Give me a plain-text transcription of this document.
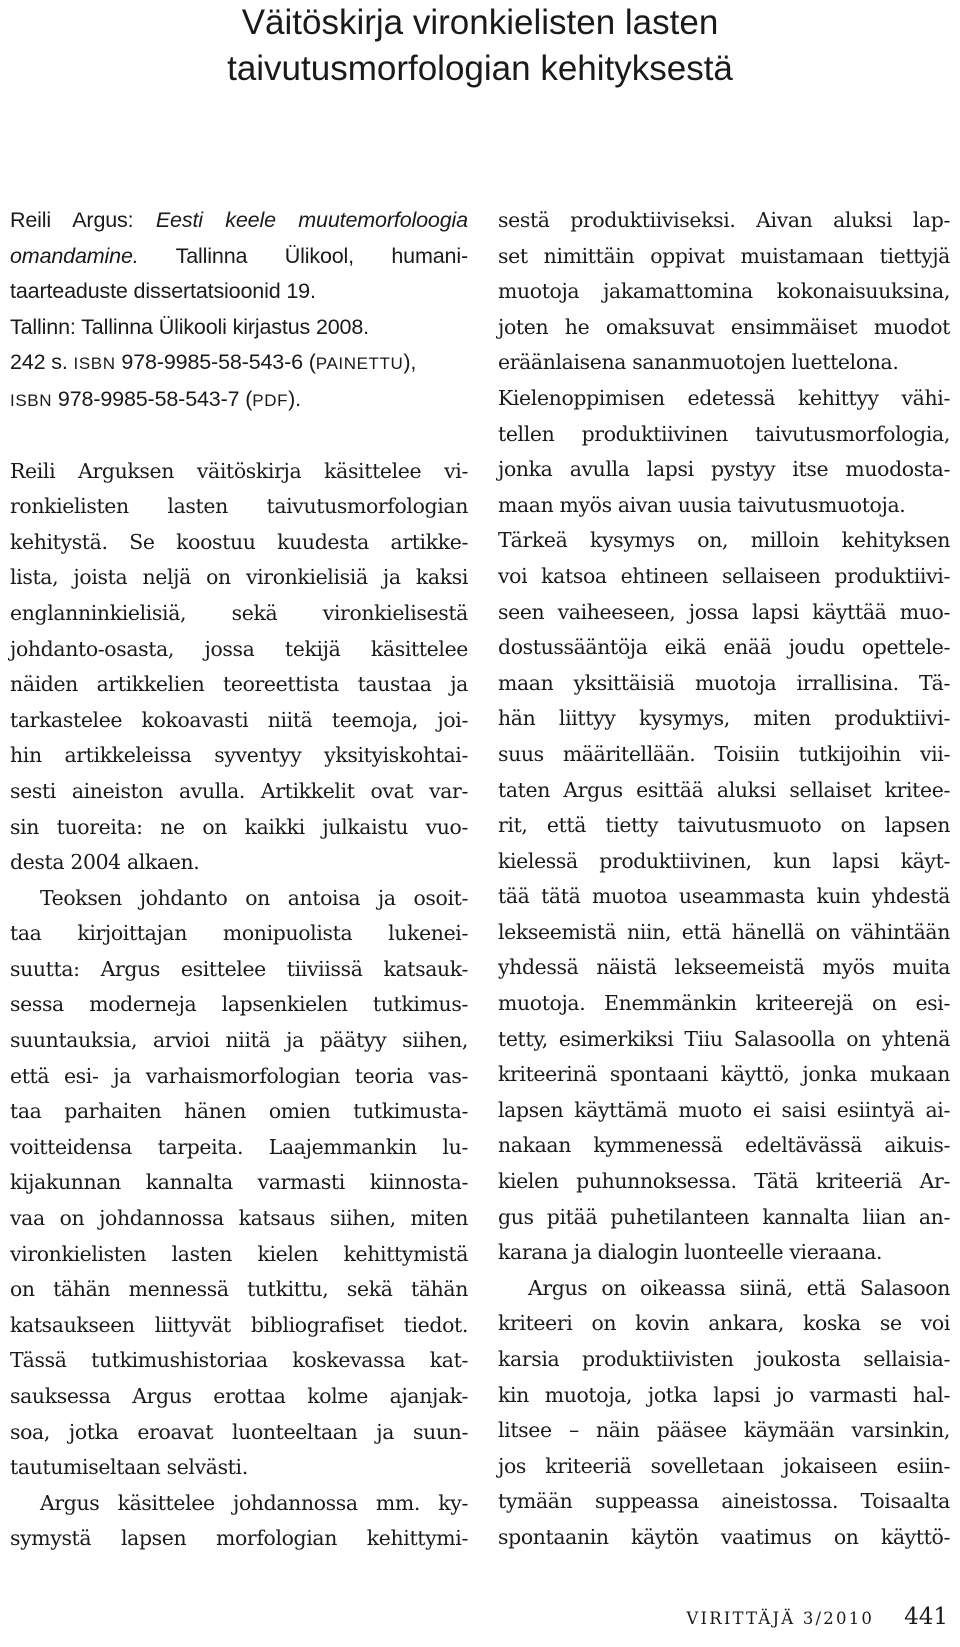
Väitöskirja vironkielisten lasten
taivutusmorfologian kehityksestä
Reili Argus: Eesti keele muutemorfoloogia
omandamine. Tallinna Ülikool, humani-
taarteaduste dissertatsioonid 19.
Tallinn: Tallinna Ülikooli kirjastus 2008.
242 s. ISBN 978-9985-58-543-6 (PAINETTU),
ISBN 978-9985-58-543-7 (PDF).
Reili Arguksen väitöskirja käsittelee vi-
ronkielisten lasten taivutusmorfologian
kehitystä. Se koostuu kuudesta artikke-
lista, joista neljä on vironkielisiä ja kaksi
englanninkielisiä, sekä vironkielisestä
johdanto-osasta, jossa tekijä käsittelee
näiden artikkelien teoreettista taustaa ja
tarkastelee kokoavasti niitä teemoja, joi-
hin artikkeleissa syventyy yksityiskohtai-
sesti aineiston avulla. Artikkelit ovat var-
sin tuoreita: ne on kaikki julkaistu vuo-
desta 2004 alkaen.
Teoksen johdanto on antoisa ja osoit-
taa kirjoittajan monipuolista lukenei-
suutta: Argus esittelee tiiviissä katsauk-
sessa moderneja lapsenkielen tutkimus-
suuntauksia, arvioi niitä ja päätyy siihen,
että esi- ja varhaismorfologian teoria vas-
taa parhaiten hänen omien tutkimusta-
voitteidensa tarpeita. Laajemmankin lu-
kijakunnan kannalta varmasti kiinnosta-
vaa on johdannossa katsaus siihen, miten
vironkielisten lasten kielen kehittymistä
on tähän mennessä tutkittu, sekä tähän
katsaukseen liittyvät bibliografiset tiedot.
Tässä tutkimushistoriaa koskevassa kat-
sauksessa Argus erottaa kolme ajanjak-
soa, jotka eroavat luonteeltaan ja suun-
tautumiseltaan selvästi.
Argus käsittelee johdannossa mm. ky-
symystä lapsen morfologian kehittymi-
sestä produktiiviseksi. Aivan aluksi lap-
set nimittäin oppivat muistamaan tiettyjä
muotoja jakamattomina kokonaisuuksina,
joten he omaksuvat ensimmäiset muodot
eräänlaisena sananmuotojen luettelona.
Kielenoppimisen edetessä kehittyy vähi-
tellen produktiivinen taivutusmorfologia,
jonka avulla lapsi pystyy itse muodosta-
maan myös aivan uusia taivutusmuotoja.
Tärkeä kysymys on, milloin kehityksen
voi katsoa ehtineen sellaiseen produktiivi-
seen vaiheeseen, jossa lapsi käyttää muo-
dostussääntöja eikä enää joudu opettele-
maan yksittäisiä muotoja irrallisina. Tä-
hän liittyy kysymys, miten produktiivi-
suus määritellään. Toisiin tutkijoihin vii-
taten Argus esittää aluksi sellaiset kritee-
rit, että tietty taivutusmuoto on lapsen
kielessä produktiivinen, kun lapsi käyt-
tää tätä muotoa useammasta kuin yhdestä
lekseemistä niin, että hänellä on vähintään
yhdessä näistä lekseemeistä myös muita
muotoja. Enemmänkin kriteerejä on esi-
tetty, esimerkiksi Tiiu Salasoolla on yhtenä
kriteerinä spontaani käyttö, jonka mukaan
lapsen käyttämä muoto ei saisi esiintyä ai-
nakaan kymmenessä edeltävässä aikuis-
kielen puhunnoksessa. Tätä kriteeriä Ar-
gus pitää puhetilanteen kannalta liian an-
karana ja dialogin luonteelle vieraana.
Argus on oikeassa siinä, että Salasoon
kriteeri on kovin ankara, koska se voi
karsia produktiivisten joukosta sellaisia-
kin muotoja, jotka lapsi jo varmasti hal-
litsee – näin pääsee käymään varsinkin,
jos kriteeriä sovelletaan jokaiseen esiin-
tymään suppeassa aineistossa. Toisaalta
spontaanin käytön vaatimus on käyttö-
VIRITTÄJÄ 3/2010 441
